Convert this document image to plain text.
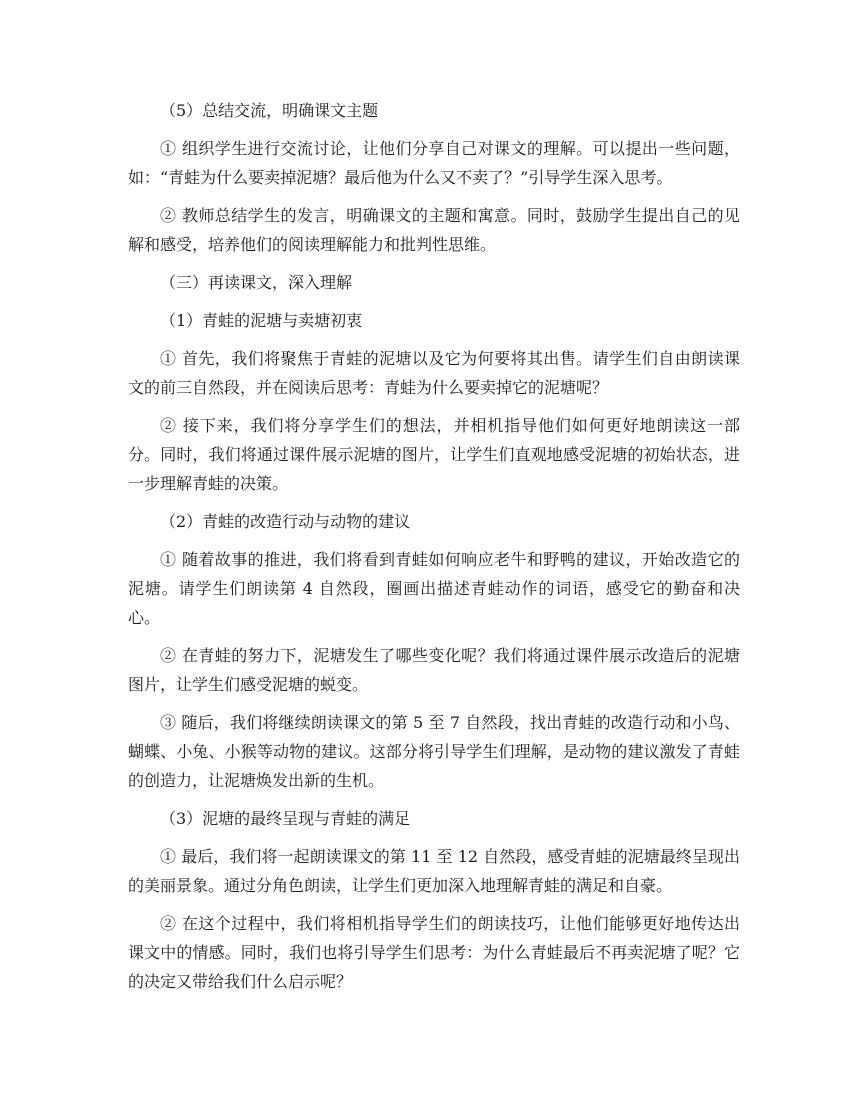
（5）总结交流，明确课文主题

① 组织学生进行交流讨论，让他们分享自己对课文的理解。可以提出一些问题，如：“青蛙为什么要卖掉泥塘？最后他为什么又不卖了？”引导学生深入思考。

② 教师总结学生的发言，明确课文的主题和寓意。同时，鼓励学生提出自己的见解和感受，培养他们的阅读理解能力和批判性思维。

（三）再读课文，深入理解
（1）青蛙的泥塘与卖塘初衷

① 首先，我们将聚焦于青蛙的泥塘以及它为何要将其出售。请学生们自由朗读课文的前三自然段，并在阅读后思考：青蛙为什么要卖掉它的泥塘呢？

② 接下来，我们将分享学生们的想法，并相机指导他们如何更好地朗读这一部分。同时，我们将通过课件展示泥塘的图片，让学生们直观地感受泥塘的初始状态，进一步理解青蛙的决策。

（2）青蛙的改造行动与动物的建议

① 随着故事的推进，我们将看到青蛙如何响应老牛和野鸭的建议，开始改造它的泥塘。请学生们朗读第 4 自然段，圈画出描述青蛙动作的词语，感受它的勤奋和决心。

② 在青蛙的努力下，泥塘发生了哪些变化呢？我们将通过课件展示改造后的泥塘图片，让学生们感受泥塘的蜕变。

③ 随后，我们将继续朗读课文的第 5 至 7 自然段，找出青蛙的改造行动和小鸟、蝴蝶、小兔、小猴等动物的建议。这部分将引导学生们理解，是动物的建议激发了青蛙的创造力，让泥塘焕发出新的生机。

（3）泥塘的最终呈现与青蛙的满足

① 最后，我们将一起朗读课文的第 11 至 12 自然段，感受青蛙的泥塘最终呈现出的美丽景象。通过分角色朗读，让学生们更加深入地理解青蛙的满足和自豪。

② 在这个过程中，我们将相机指导学生们的朗读技巧，让他们能够更好地传达出课文中的情感。同时，我们也将引导学生们思考：为什么青蛙最后不再卖泥塘了呢？它的决定又带给我们什么启示呢？
